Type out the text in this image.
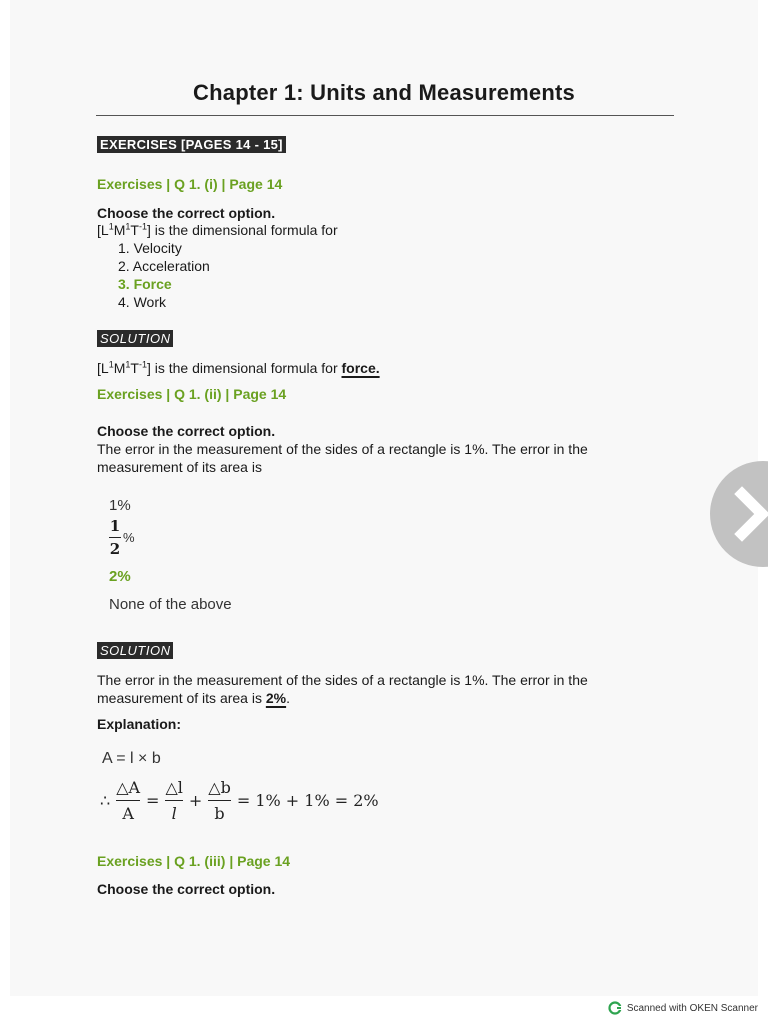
Chapter 1: Units and Measurements
EXERCISES [PAGES 14 - 15]
Exercises | Q 1. (i) | Page 14
Choose the correct option.
$[L^1M^1T^{-1}]$ is the dimensional formula for
1. Velocity
2. Acceleration
3. Force
4. Work
SOLUTION
$[L^1M^1T^{-1}]$ is the dimensional formula for force.
Exercises | Q 1. (ii) | Page 14
Choose the correct option.
The error in the measurement of the sides of a rectangle is 1%. The error in the
measurement of its area is
1%
1
2
%
2%
None of the above
SOLUTION
The error in the measurement of the sides of a rectangle is 1%. The error in the
measurement of its area is 2%.
Explanation:
A = l × b
∴
△A
A
=
△l
l
+
△b
b
= 1% + 1% = 2%
Exercises | Q 1. (iii) | Page 14
Choose the correct option.
Scanned with OKEN Scanner
